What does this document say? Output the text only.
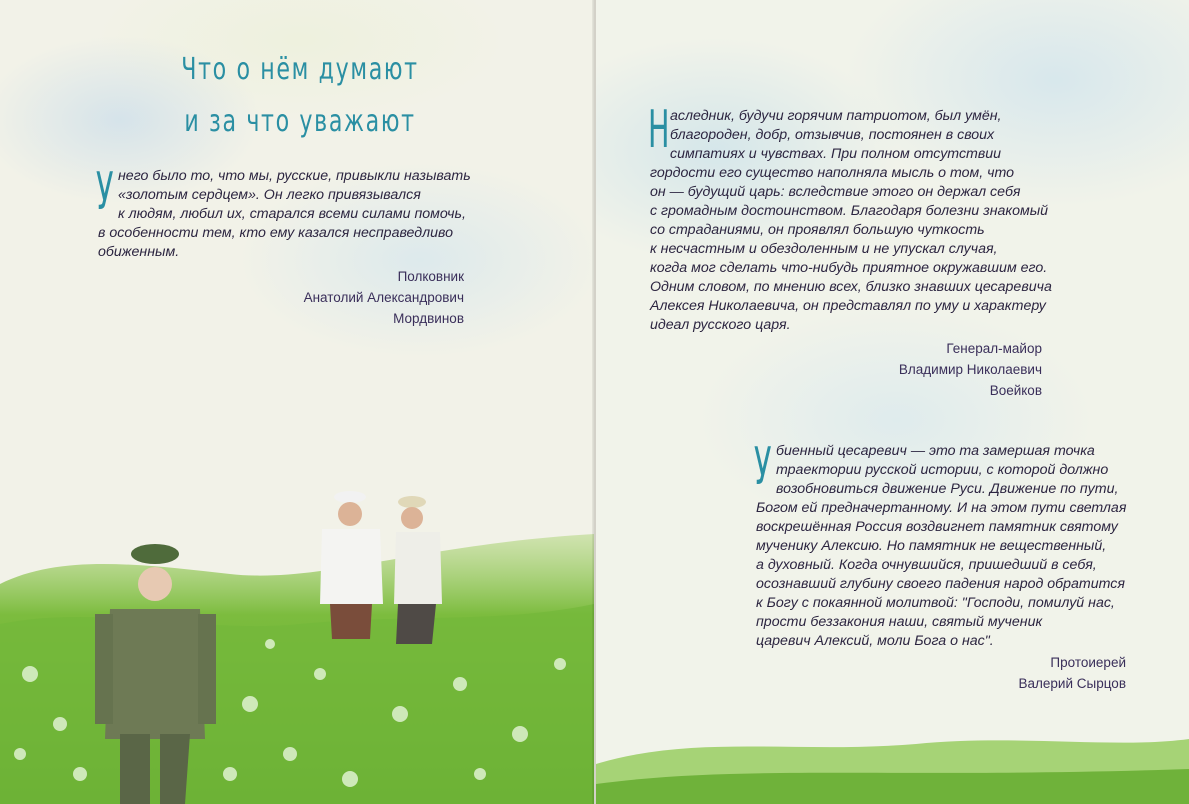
Что о нём думают
и за что уважают
У него было то, что мы, русские, привыкли называть
«золотым сердцем». Он легко привязывался
к людям, любил их, старался всеми силами помочь,
в особенности тем, кто ему казался несправедливо
обиженным.
Полковник
Анатолий Александрович
Мордвинов
Н аследник, будучи горячим патриотом, был умён,
благороден, добр, отзывчив, постоянен в своих
симпатиях и чувствах. При полном отсутствии
гордости его существо наполняла мысль о том, что
он — будущий царь: вследствие этого он держал себя
с громадным достоинством. Благодаря болезни знакомый
со страданиями, он проявлял большую чуткость
к несчастным и обездоленным и не упускал случая,
когда мог сделать что-нибудь приятное окружавшим его.
Одним словом, по мнению всех, близко знавших цесаревича
Алексея Николаевича, он представлял по уму и характеру
идеал русского царя.
Генерал-майор
Владимир Николаевич
Воейков
У биенный цесаревич — это та замершая точка
траектории русской истории, с которой должно
возобновиться движение Руси. Движение по пути,
Богом ей предначертанному. И на этом пути светлая
воскрешённая Россия воздвигнет памятник святому
мученику Алексию. Но памятник не вещественный,
а духовный. Когда очнувшийся, пришедший в себя,
осознавший глубину своего падения народ обратится
к Богу с покаянной молитвой: "Господи, помилуй нас,
прости беззакония наши, святый мученик
царевич Алексий, моли Бога о нас".
Протоиерей
Валерий Сырцов
